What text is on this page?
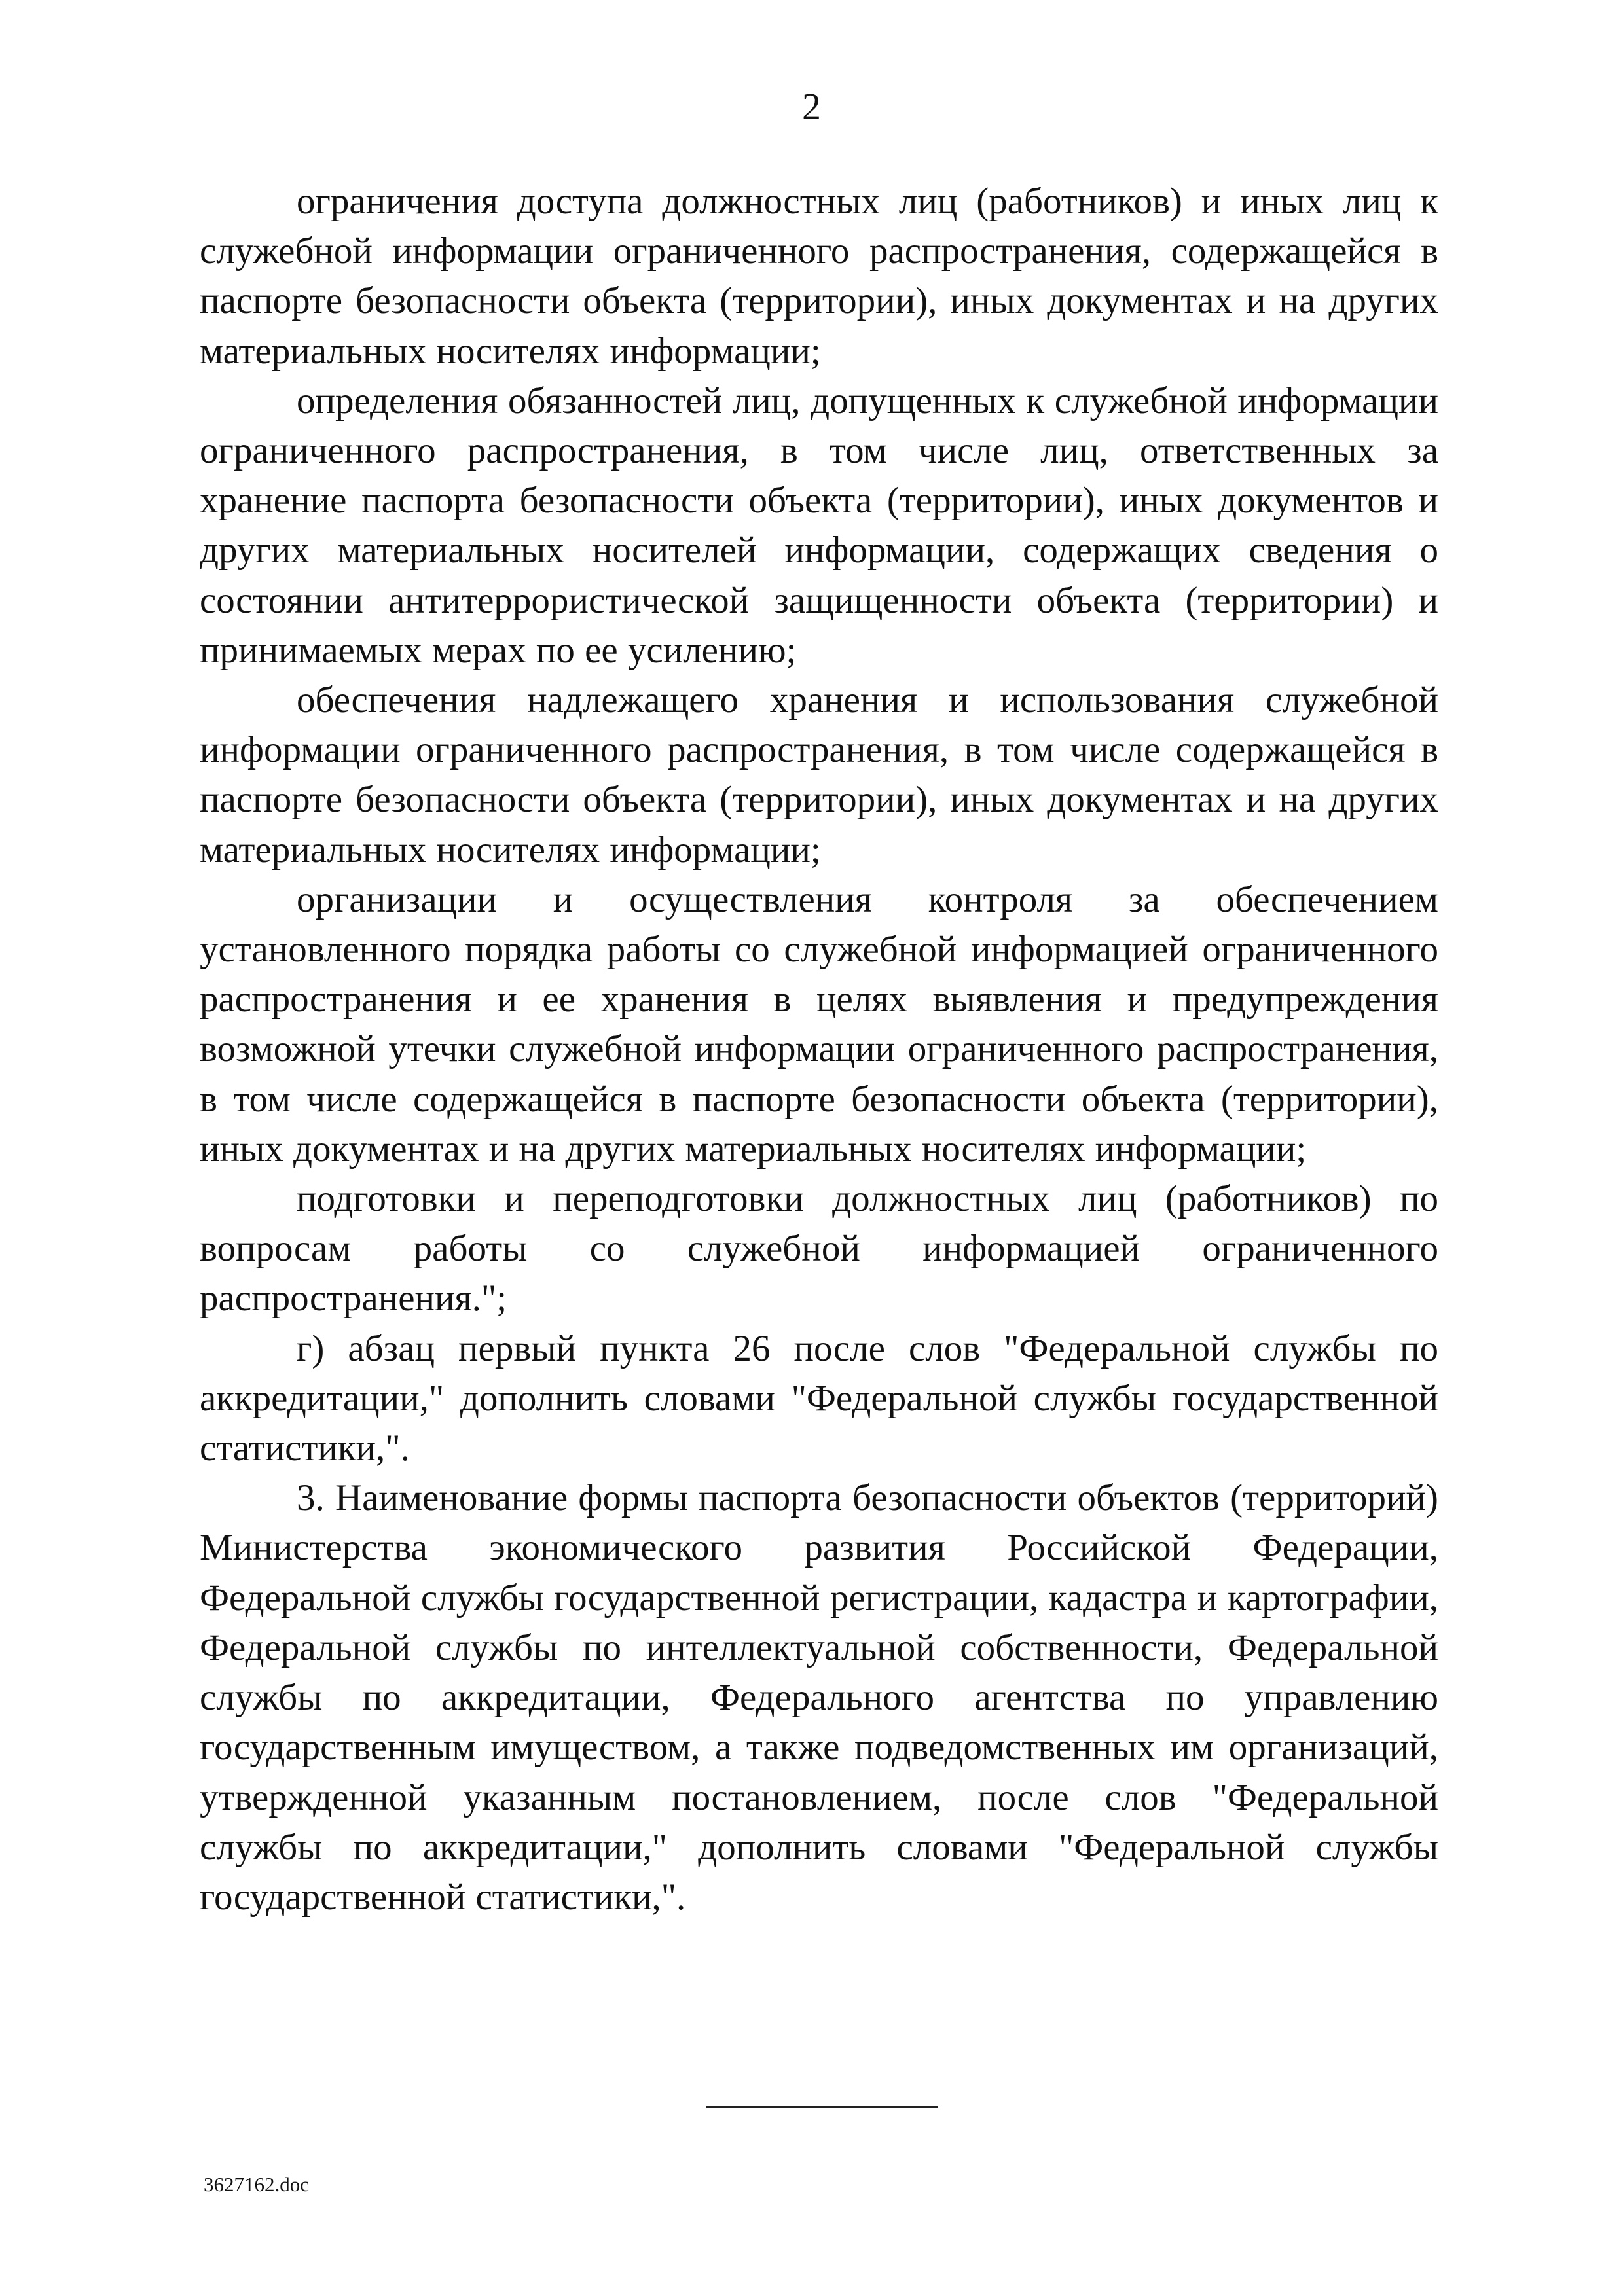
2

ограничения доступа должностных лиц (работников) и иных лиц к служебной информации ограниченного распространения, содержащейся в паспорте безопасности объекта (территории), иных документах и на других материальных носителях информации;

определения обязанностей лиц, допущенных к служебной информации ограниченного распространения, в том числе лиц, ответственных за хранение паспорта безопасности объекта (территории), иных документов и других материальных носителей информации, содержащих сведения о состоянии антитеррористической защищенности объекта (территории) и принимаемых мерах по ее усилению;

обеспечения надлежащего хранения и использования служебной информации ограниченного распространения, в том числе содержащейся в паспорте безопасности объекта (территории), иных документах и на других материальных носителях информации;

организации и осуществления контроля за обеспечением установленного порядка работы со служебной информацией ограниченного распространения и ее хранения в целях выявления и предупреждения возможной утечки служебной информации ограниченного распространения, в том числе содержащейся в паспорте безопасности объекта (территории), иных документах и на других материальных носителях информации;

подготовки и переподготовки должностных лиц (работников) по вопросам работы со служебной информацией ограниченного распространения.";

г) абзац первый пункта 26 после слов "Федеральной службы по аккредитации," дополнить словами "Федеральной службы государственной статистики,".

3. Наименование формы паспорта безопасности объектов (территорий) Министерства экономического развития Российской Федерации, Федеральной службы государственной регистрации, кадастра и картографии, Федеральной службы по интеллектуальной собственности, Федеральной службы по аккредитации, Федерального агентства по управлению государственным имуществом, а также подведомственных им организаций, утвержденной указанным постановлением, после слов "Федеральной службы по аккредитации," дополнить словами "Федеральной службы государственной статистики,".

3627162.doc
